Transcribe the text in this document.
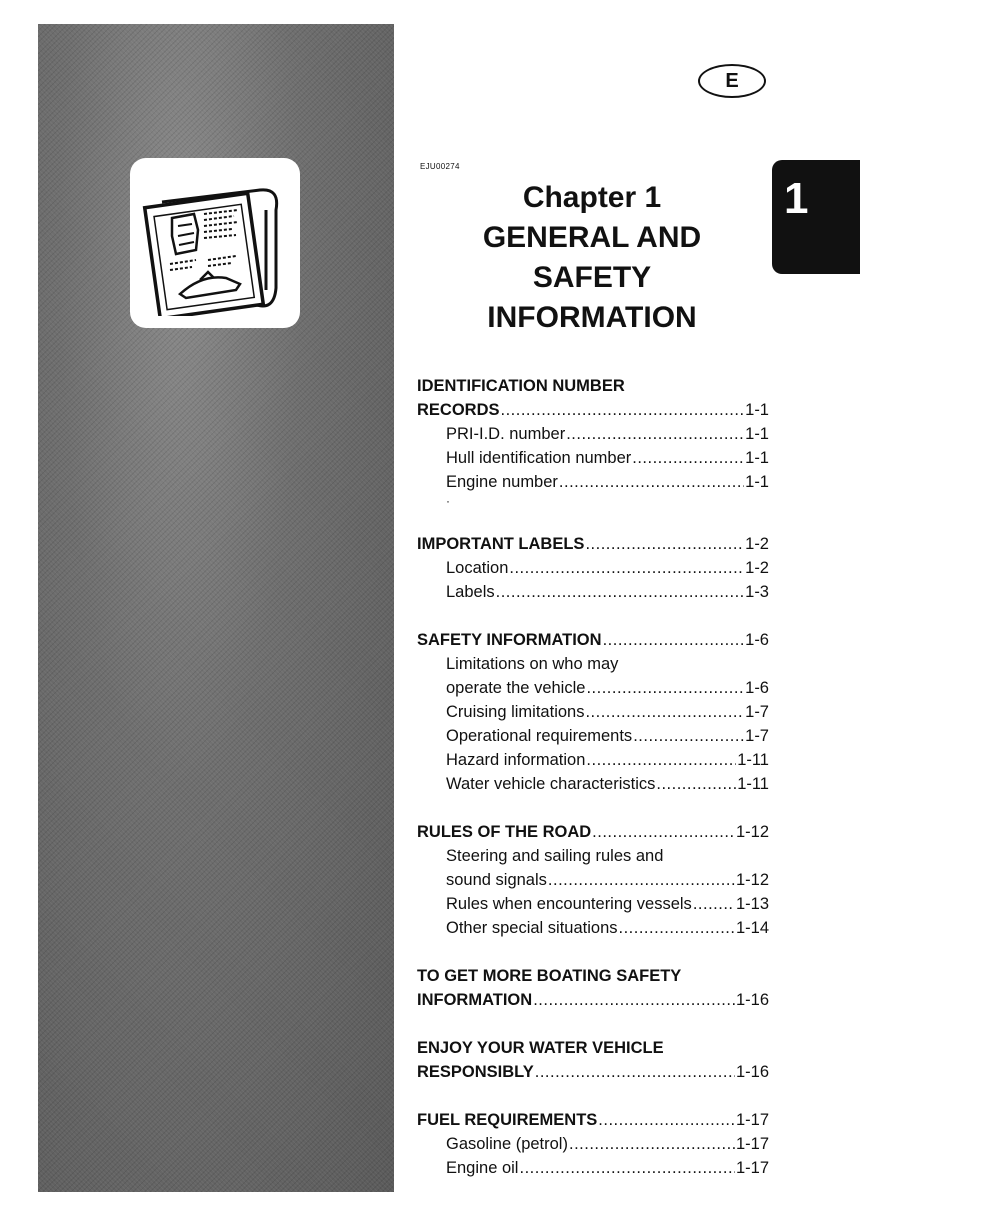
E
EJU00274
Chapter 1
GENERAL AND
SAFETY
INFORMATION
1
IDENTIFICATION NUMBER
RECORDS .....	1-1
PRI-I.D. number .....	1-1
Hull identification number .....	1-1
Engine number .....	1-1
·
IMPORTANT LABELS .....	1-2
Location .....	1-2
Labels .....	1-3
SAFETY INFORMATION .....	1-6
Limitations on who may
operate the vehicle .....	1-6
Cruising limitations .....	1-7
Operational requirements .....	1-7
Hazard information .....	1-11
Water vehicle characteristics .....	1-11
RULES OF THE ROAD .....	1-12
Steering and sailing rules and
sound signals .....	1-12
Rules when encountering vessels .....	1-13
Other special situations .....	1-14
TO GET MORE BOATING SAFETY
INFORMATION .....	1-16
ENJOY YOUR WATER VEHICLE
RESPONSIBLY .....	1-16
FUEL REQUIREMENTS .....	1-17
Gasoline (petrol) .....	1-17
Engine oil .....	1-17
